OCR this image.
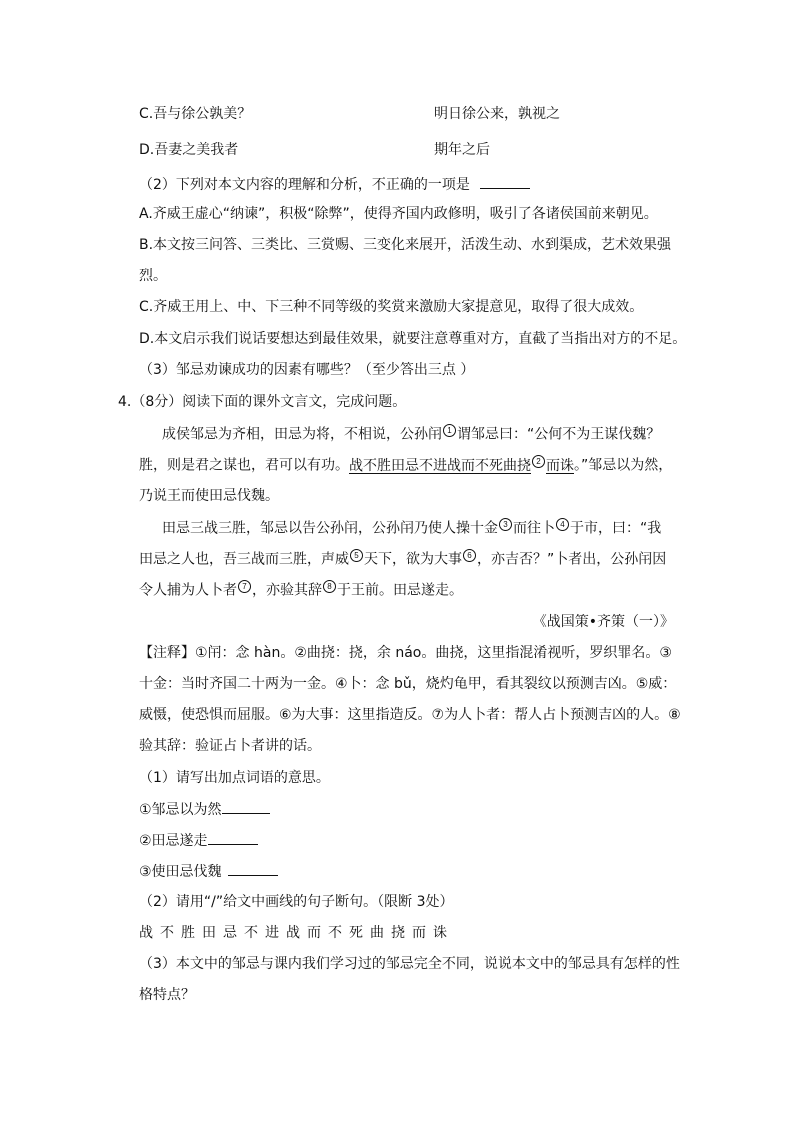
C.吾与徐公孰美？	明日徐公来，孰视之
D.吾妻之美我者	期年之后
（2）下列对本文内容的理解和分析，不正确的一项是
A.齐威王虚心“纳谏”，积极“除弊”，使得齐国内政修明，吸引了各诸侯国前来朝见。
B.本文按三问答、三类比、三赏赐、三变化来展开，活泼生动、水到渠成，艺术效果强
烈。
C.齐威王用上、中、下三种不同等级的奖赏来激励大家提意见，取得了很大成效。
D.本文启示我们说话要想达到最佳效果，就要注意尊重对方，直截了当指出对方的不足。
（3）邹忌劝谏成功的因素有哪些？（至少答出三点 ）
4.（8分）阅读下面的课外文言文，完成问题。
成侯邹忌为齐相，田忌为将，不相说，公孙闬 1 谓邹忌曰：“公何不为王谋伐魏？
胜，则是君之谋也，君可以有功。战不胜田忌不进战而不死曲挠 2 而诛。”邹忌以为然，
乃说王而使田忌伐魏。
田忌三战三胜，邹忌以告公孙闬，公孙闬乃使人操十金 3 而往卜 4 于市，曰：“我
田忌之人也，吾三战而三胜，声威 5 天下，欲为大事 6 ，亦吉否？”卜者出，公孙闬因
令人捕为人卜者 7 ，亦验其辞 8 于王前。田忌遂走。
《战国策•齐策（一）》
【注释】①闬：念 hàn。②曲挠：挠，余 náo。曲挠，这里指混淆视听，罗织罪名。③
十金：当时齐国二十两为一金。④卜：念 bǔ，烧灼龟甲，看其裂纹以预测吉凶。⑤威：
威慑，使恐惧而屈服。⑥为大事：这里指造反。⑦为人卜者：帮人占卜预测吉凶的人。⑧
验其辞：验证占卜者讲的话。
（1）请写出加点词语的意思。
①邹忌以为然
②田忌遂走
③使田忌伐魏
（2）请用“/”给文中画线的句子断句。（限断 3处）
战不胜田忌不进战而不死曲挠而诛
（3）本文中的邹忌与课内我们学习过的邹忌完全不同，说说本文中的邹忌具有怎样的性
格特点？
